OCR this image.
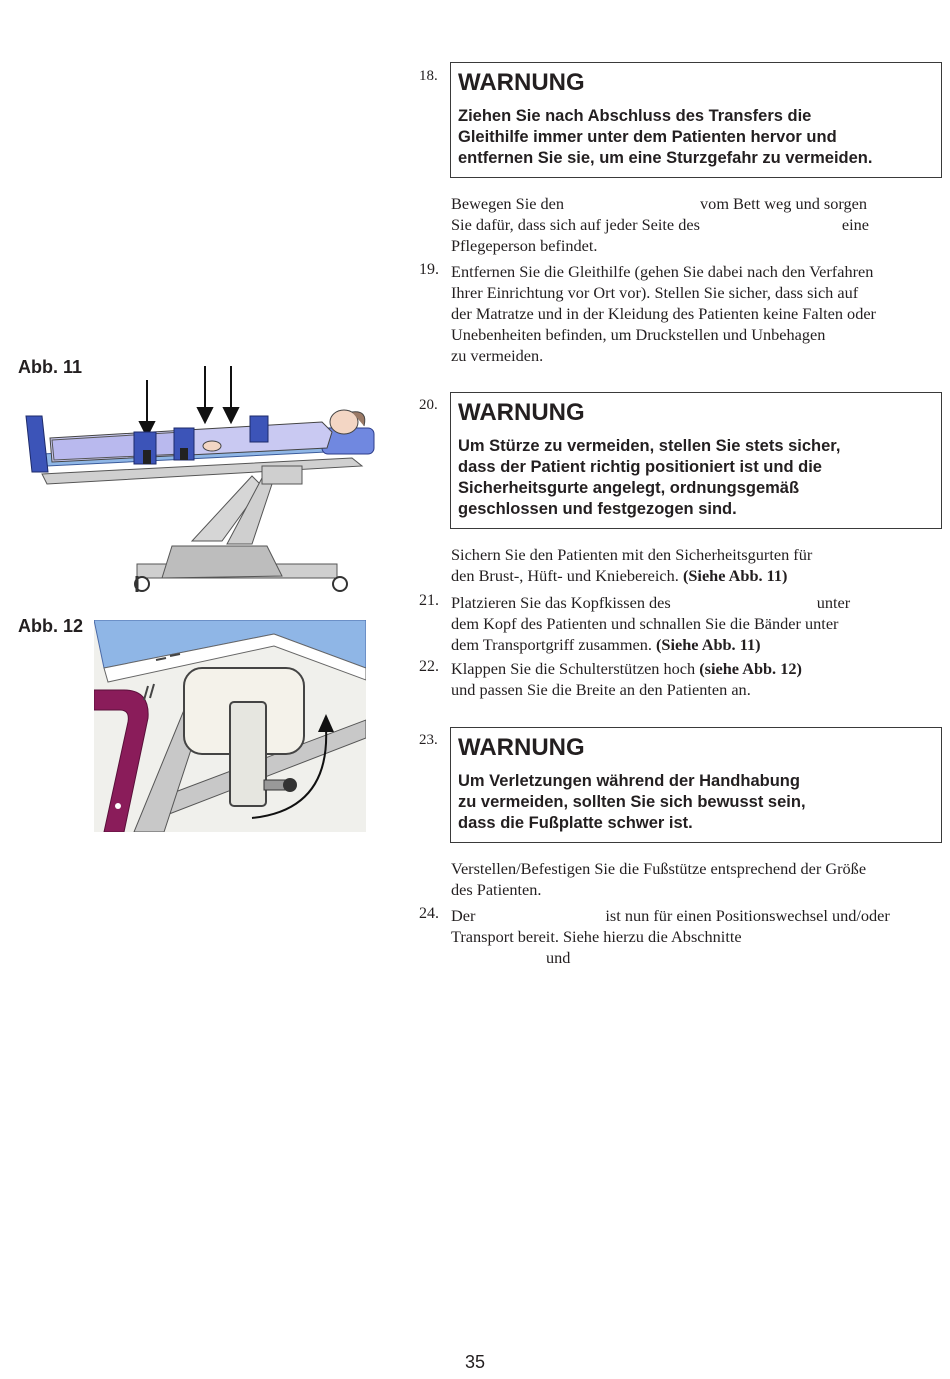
Abb. 11
Abb. 12
18. WARNUNG
Ziehen Sie nach Abschluss des Transfers die
Gleithilfe immer unter dem Patienten hervor und
entfernen Sie sie, um eine Sturzgefahr zu vermeiden.
Bewegen Sie den	vom Bett weg und sorgen
Sie dafür, dass sich auf jeder Seite des	eine
Pflegeperson befindet.
19. Entfernen Sie die Gleithilfe (gehen Sie dabei nach den Verfahren
Ihrer Einrichtung vor Ort vor). Stellen Sie sicher, dass sich auf
der Matratze und in der Kleidung des Patienten keine Falten oder
Unebenheiten befinden, um Druckstellen und Unbehagen
zu vermeiden.
20. WARNUNG
Um Stürze zu vermeiden, stellen Sie stets sicher,
dass der Patient richtig positioniert ist und die
Sicherheitsgurte angelegt, ordnungsgemäß
geschlossen und festgezogen sind.
Sichern Sie den Patienten mit den Sicherheitsgurten für
den Brust-, Hüft- und Kniebereich. (Siehe Abb. 11)
21. Platzieren Sie das Kopfkissen des	unter
dem Kopf des Patienten und schnallen Sie die Bänder unter
dem Transportgriff zusammen. (Siehe Abb. 11)
22. Klappen Sie die Schulterstützen hoch (siehe Abb. 12)
und passen Sie die Breite an den Patienten an.
23. WARNUNG
Um Verletzungen während der Handhabung
zu vermeiden, sollten Sie sich bewusst sein,
dass die Fußplatte schwer ist.
Verstellen/Befestigen Sie die Fußstütze entsprechend der Größe
des Patienten.
24. Der	ist nun für einen Positionswechsel und/oder
Transport bereit. Siehe hierzu die Abschnitte
und
35
